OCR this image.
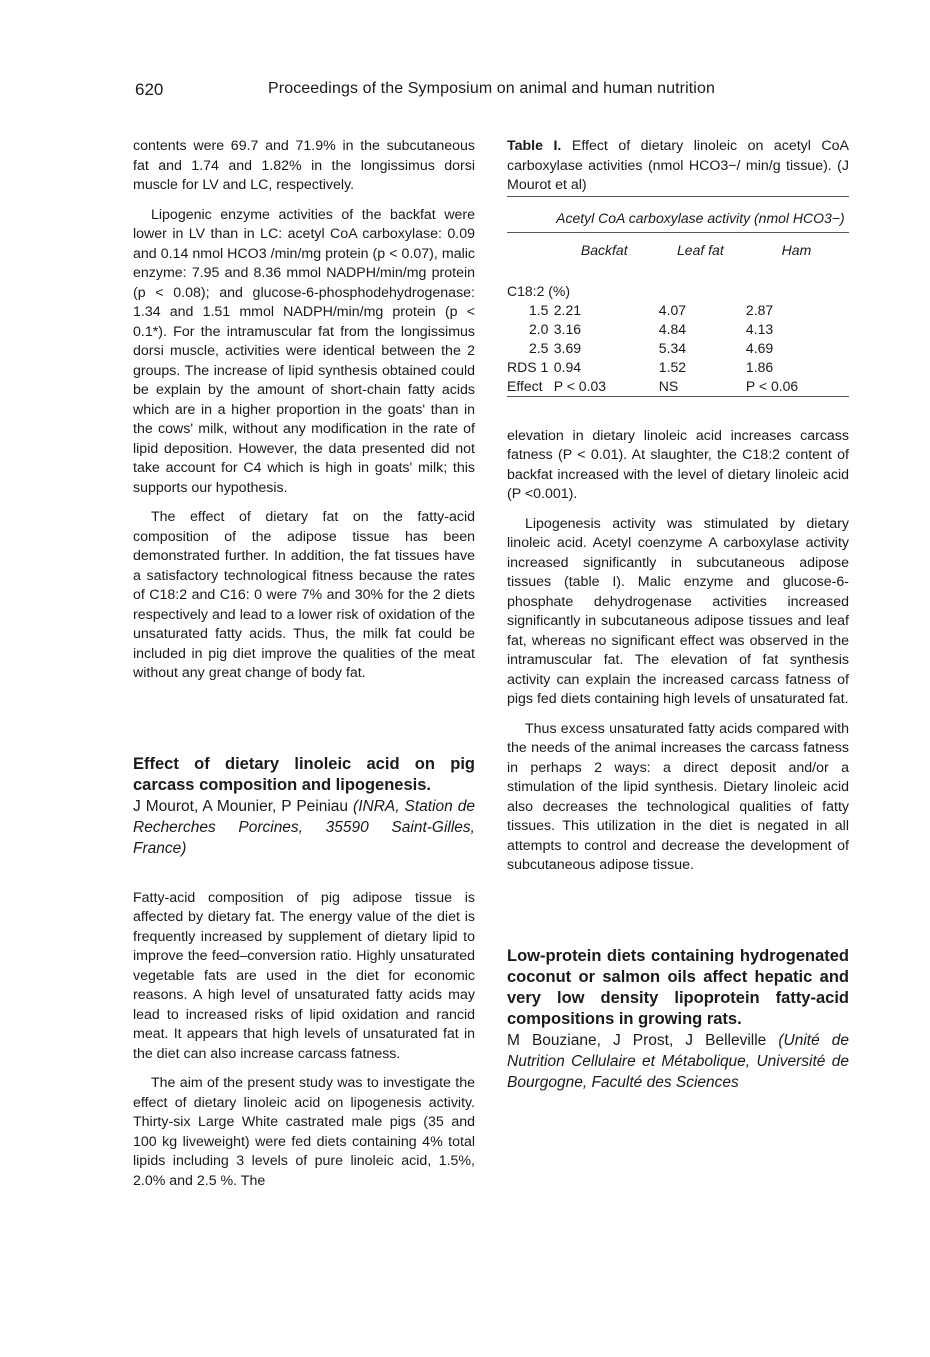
620	Proceedings of the Symposium on animal and human nutrition

contents were 69.7 and 71.9% in the subcutaneous fat and 1.74 and 1.82% in the longissimus dorsi muscle for LV and LC, respectively.

Lipogenic enzyme activities of the backfat were lower in LV than in LC: acetyl CoA carboxylase: 0.09 and 0.14 nmol HCO3 /min/mg protein (p < 0.07), malic enzyme: 7.95 and 8.36 mmol NADPH/min/mg protein (p < 0.08); and glucose-6-phosphodehydrogenase: 1.34 and 1.51 mmol NADPH/min/mg protein (p < 0.1*). For the intramuscular fat from the longissimus dorsi muscle, activities were identical between the 2 groups. The increase of lipid synthesis obtained could be explain by the amount of short-chain fatty acids which are in a higher proportion in the goats' than in the cows' milk, without any modification in the rate of lipid deposition. However, the data presented did not take account for C4 which is high in goats' milk; this supports our hypothesis.

The effect of dietary fat on the fatty-acid composition of the adipose tissue has been demonstrated further. In addition, the fat tissues have a satisfactory technological fitness because the rates of C18:2 and C16: 0 were 7% and 30% for the 2 diets respectively and lead to a lower risk of oxidation of the unsaturated fatty acids. Thus, the milk fat could be included in pig diet improve the qualities of the meat without any great change of body fat.

Effect of dietary linoleic acid on pig carcass composition and lipogenesis.

J Mourot, A Mounier, P Peiniau (INRA, Station de Recherches Porcines, 35590 Saint-Gilles, France)

Fatty-acid composition of pig adipose tissue is affected by dietary fat. The energy value of the diet is frequently increased by supplement of dietary lipid to improve the feed–conversion ratio. Highly unsaturated vegetable fats are used in the diet for economic reasons. A high level of unsaturated fatty acids may lead to increased risks of lipid oxidation and rancid meat. It appears that high levels of unsaturated fat in the diet can also increase carcass fatness.

The aim of the present study was to investigate the effect of dietary linoleic acid on lipogenesis activity. Thirty-six Large White castrated male pigs (35 and 100 kg liveweight) were fed diets containing 4% total lipids including 3 levels of pure linoleic acid, 1.5%, 2.0% and 2.5 %. The

Table I. Effect of dietary linoleic on acetyl CoA carboxylase activities (nmol HCO3−/ min/g tissue). (J Mourot et al)

	Acetyl CoA carboxylase activity (nmol HCO3−)		

	Backfat	Leaf fat	Ham
C18:2 (%)			
1.5	2.21	4.07	2.87
2.0	3.16	4.84	4.13
2.5	3.69	5.34	4.69
RDS 1	0.94	1.52	1.86
Effect	P < 0.03	NS	P < 0.06

elevation in dietary linoleic acid increases carcass fatness (P < 0.01). At slaughter, the C18:2 content of backfat increased with the level of dietary linoleic acid (P <0.001).

Lipogenesis activity was stimulated by dietary linoleic acid. Acetyl coenzyme A carboxylase activity increased significantly in subcutaneous adipose tissues (table I). Malic enzyme and glucose-6-phosphate dehydrogenase activities increased significantly in subcutaneous adipose tissues and leaf fat, whereas no significant effect was observed in the intramuscular fat. The elevation of fat synthesis activity can explain the increased carcass fatness of pigs fed diets containing high levels of unsaturated fat.

Thus excess unsaturated fatty acids compared with the needs of the animal increases the carcass fatness in perhaps 2 ways: a direct deposit and/or a stimulation of the lipid synthesis. Dietary linoleic acid also decreases the technological qualities of fatty tissues. This utilization in the diet is negated in all attempts to control and decrease the development of subcutaneous adipose tissue.

Low-protein diets containing hydrogenated coconut or salmon oils affect hepatic and very low density lipoprotein fatty-acid compositions in growing rats.

M Bouziane, J Prost, J Belleville (Unité de Nutrition Cellulaire et Métabolique, Université de Bourgogne, Faculté des Sciences
